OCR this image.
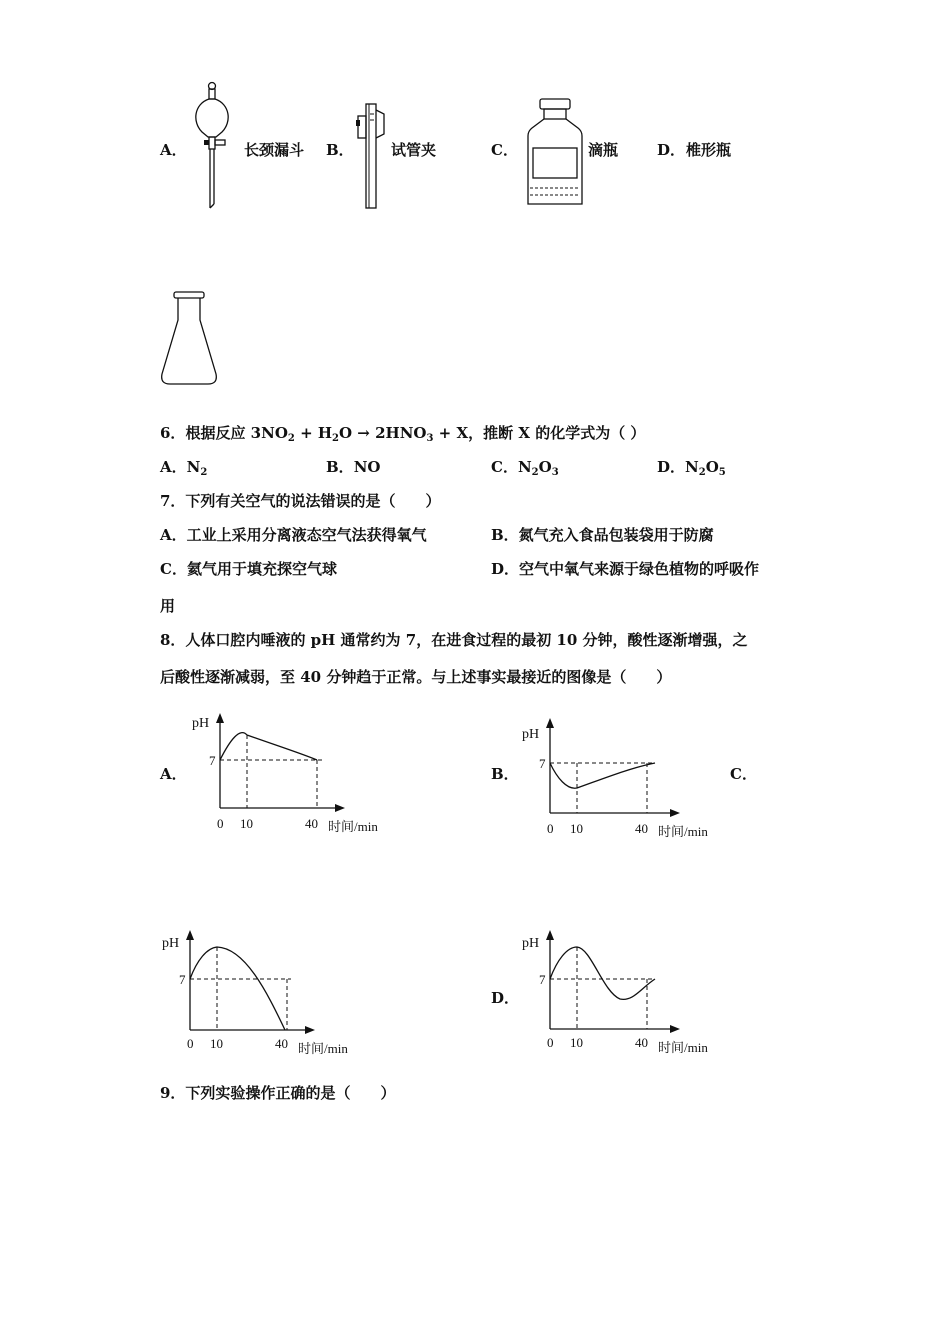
A．	长颈漏斗 B． 试管夹	C．	滴瓶	D． 椎形瓶
6．根据反应 $3NO_2 + H_2O \to 2HNO_3 + X$，推断 X 的化学式为（ ）
A．$N_2$	B．NO	C．$N_2O_3$	D．$N_2O_5$
7．下列有关空气的说法错误的是（　　）
A．工业上采用分离液态空气法获得氧气	B．氮气充入食品包装袋用于防腐
C．氦气用于填充探空气球	D．空气中氧气来源于绿色植物的呼吸作
用
8．人体口腔内唾液的 pH 通常约为 7，在进食过程的最初 10 分钟，酸性逐渐增强，之
后酸性逐渐减弱，至 40 分钟趋于正常。与上述事实最接近的图像是（　　）
A．	B．	C．
D．
pH
7
0 10	40 时间/min
pH
7
0 10	40 时间/min
pH
7
0 10	40 时间/min
pH
7
0 10	40 时间/min
9．下列实验操作正确的是（　　）
